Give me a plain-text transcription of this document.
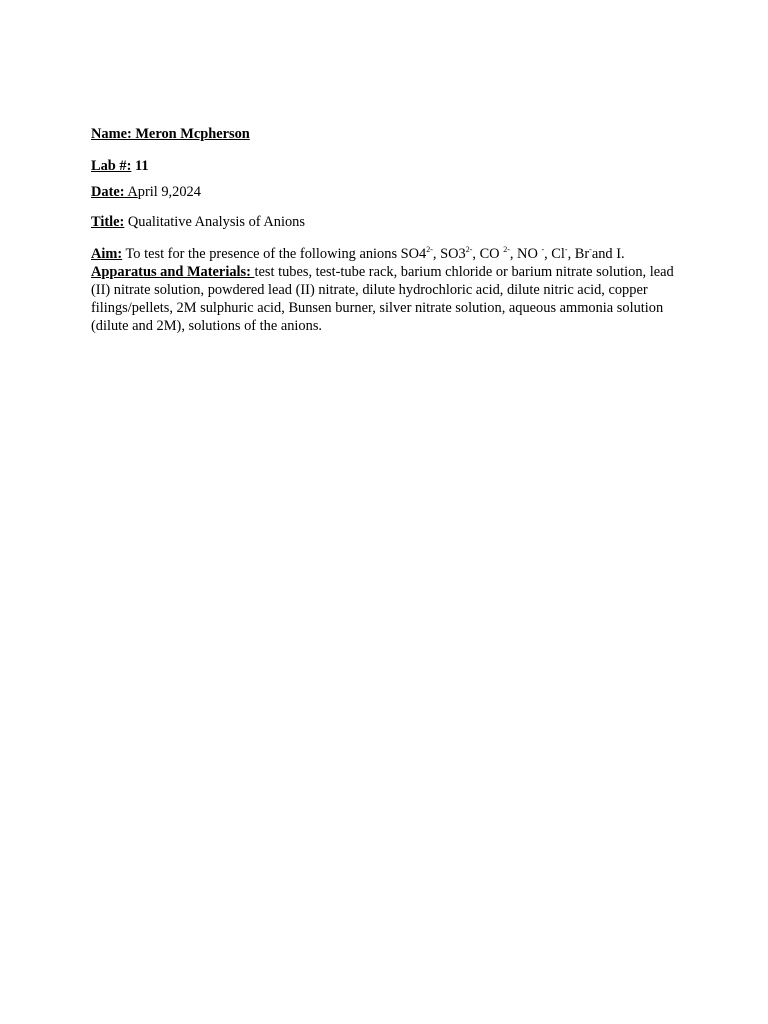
Name: Meron Mcpherson

Lab #: 11

Date: April 9,2024

Title: Qualitative Analysis of Anions

Aim: To test for the presence of the following anions $SO4^{2-}$, $SO3^{2-}$, CO $^{2-}$, NO -, Cl-, Br-and I.

Apparatus and Materials: test tubes, test-tube rack, barium chloride or barium nitrate solution, lead (II) nitrate solution, powdered lead (II) nitrate, dilute hydrochloric acid, dilute nitric acid, copper filings/pellets, 2M sulphuric acid, Bunsen burner, silver nitrate solution, aqueous ammonia solution (dilute and 2M), solutions of the anions.
